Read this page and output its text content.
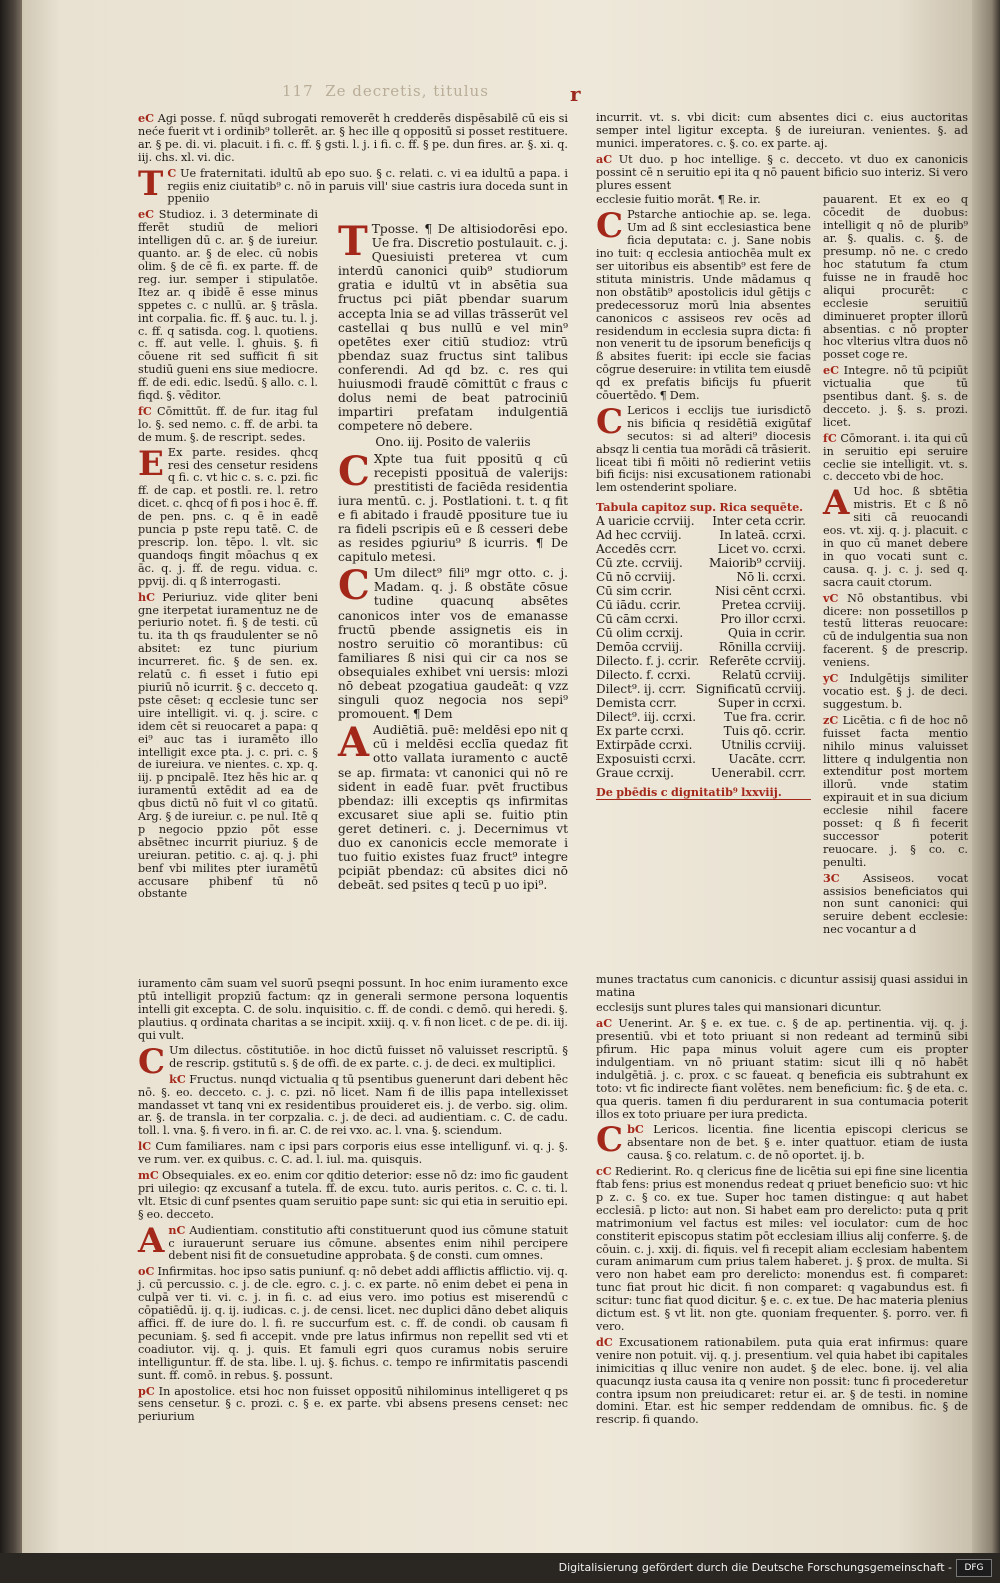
117 Ze decretis, titulus	r

eC Agi posse. f. nūqd subrogati removerēt h credderēs dispēsabilē cū eis si neće fuerit vt i ordinib⁹ tollerēt. ar. § hec ille q oppositū si posset restituere. ar. § pe. di. vi. placuit. i fi. c. ff. § gsti. l. j. i fi. c. ff. § pe. dun fires. ar. §. xi. q. iij. chs. xl. vi. dic.

T C Ue fraternitati. idultū ab epo suo. § c. relati. c. vi ea idultū a papa. i regiis eniz ciuitatib⁹ c. nō in paruis vill' siue castris iura doceda sunt in ppeniio

eC Studioz. i. 3 determinate di fferēt studiū de meliori intelligen dū c. ar. § de iureiur. quanto. ar. § de elec. cū nobis olim. § de cē fi. ex parte. ff. de reg. iur. semper i stipulatōe. Itez ar. q ibidē ē esse minus sppetes c. c nullū. ar. § trāsla. int corpalia. fic. ff. § auc. tu. l. j. c. ff. q satisda. cog. l. quotiens. c. ff. aut velle. l. ghuis. §. fi cōuene rit sed sufficit fi sit studiū gueni ens siue mediocre. ff. de edi. edic. lsedū. § allo. c. l. fiqd. §. vēditor.

fC Cōmittūt. ff. de fur. itag ful lo. §. sed nemo. c. ff. de arbi. ta de mum. §. de rescript. sedes.

E Ex parte. resides. qhcq resi des censetur residens q fi. c. vt hic c. s. c. pzi. fic ff. de cap. et postli. re. l. retro dicet. c. qhcq of fi pos i hoc ē. ff. de pen. pns. c. q ē in eadē puncia p pste repu tatē. C. de prescrip. lon. tēpo. l. vlt. sic quandoqs fingit mōachus q ex āc. q. j. ff. de regu. vidua. c. ppvij. di. q ß interrogasti.

hC Periuriuz. vide qliter beni gne iterpetat iuramentuz ne de periurio notet. fi. § de testi. cū tu. ita th qs fraudulenter se nō absitet: ez tunc piurium incurreret. fic. § de sen. ex. relatū c. fi esset i futio epi piuriū nō icurrit. § c. decceto q. pste cēset: q ecclesie tunc ser uire intelligit. vi. q. j. scire. c idem cēt si reuocaret a papa: q ei⁹ auc tas i iuramēto illo intelligit exce pta. j. c. pri. c. § de iureiura. ve nientes. c. xp. q. iij. p pncipalē. Itez hēs hic ar. q iuramentū extēdit ad ea de qbus dictū nō fuit vl co gitatū. Arg. § de iureiur. c. pe nul. Itē q p negocio ppzio pōt esse absētnec incurrit piuriuz. § de ureiuran. petitio. c. aj. q. j. phi benf vbi milites pter iuramētū accusare phibenf tū nō obstante

iuramento cām suam vel suorū pseqni possunt. In hoc enim iuramento exce ptū intelligit propziū factum: qz in generali sermone persona loquentis intelli git excepta. C. de solu. inquisitio. c. ff. de condi. c demō. qui heredi. §. plautius. q ordinata charitas a se incipit. xxiij. q. v. fi non licet. c de pe. di. iij. qui vult.

C Um dilectus. cōstitutiōe. in hoc dictū fuisset nō valuisset rescriptū. § de rescrip. gstitutū s. § de offi. de ex parte. c. j. de deci. ex multiplici.

kC Fructus. nunqd victualia q tū psentibus guenerunt dari debent hēc nō. §. eo. decceto. c. j. c. pzi. nō licet. Nam fi de illis papa intellexisset mandasset vt tanq vni ex residentibus prouideret eis. j. de verbo. sig. olim. ar. §. de transla. in ter corpzalia. c. j. de deci. ad audientiam. c. C. de cadu. toll. l. vna. §. fi vero. in fi. ar. C. de rei vxo. ac. l. vna. §. sciendum.

lC Cum familiares. nam c ipsi pars corporis eius esse intelligunf. vi. q. j. §. ve rum. ver. ex quibus. c. C. ad. l. iul. ma. quisquis.

mC Obsequiales. ex eo. enim cor qditio deterior: esse nō dz: imo fic gaudent pri uilegio: qz excusanf a tutela. ff. de excu. tuto. auris peritos. c. C. c. ti. l. vlt. Etsic di cunf psentes quam seruitio pape sunt: sic qui etia in seruitio epi. § eo. decceto.

AnC Audientiam. constitutio afti constituerunt quod ius cōmune statuit c iurauerunt seruare ius cōmune. absentes enim nihil percipere debent nisi fit de consuetudine approbata. § de consti. cum omnes.

oC Infirmitas. hoc ipso satis puniunf. q: nō debet addi afflictis afflictio. vij. q. j. cū percussio. c. j. de cle. egro. c. j. c. ex parte. nō enim debet ei pena in culpā ver ti. vi. c. j. in fi. c. ad eius vero. imo potius est miserendū c cōpatiēdū. ij. q. ij. iudicas. c. j. de censi. licet. nec duplici dāno debet aliquis affici. ff. de iure do. l. fi. re succurfum est. c. ff. de condi. ob causam fi pecuniam. §. sed fi accepit. vnde pre latus infirmus non repellit sed vti et coadiutor. vij. q. j. quis. Et famuli egri quos curamus nobis seruire intelliguntur. ff. de sta. libe. l. uj. §. fichus. c. tempo re infirmitatis pascendi sunt. ff. comō. in rebus. §. possunt.

pC In apostolice. etsi hoc non fuisset oppositū nihilominus intelligeret q ps sens censetur. § c. prozi. c. § e. ex parte. vbi absens presens censet: nec periurium

T Tposse. ¶ De altisiodorēsi epo. Ue fra. Discretio postulauit. c. j. Quesiuisti preterea vt cum interdū canonici quib⁹ studiorum gratia e idultū vt in absētia sua fructus pci piāt pbendar suarum accepta lnia se ad villas trāsserūt vel castellai q bus nullū e vel min⁹ opetētes exer citiū studioz: vtrū pbendaz suaz fructus sint talibus conferendi. Ad qd bz. c. res qui huiusmodi fraudē cōmittūt c fraus c dolus nemi de beat patrociniū impartiri prefatam indulgentiā competere nō debere.

Ono. iij. Posito de valeriis

C Xpte tua fuit ppositū q cū recepisti pposituā de valerijs: prestitisti de faciēda residentia iura mentū. c. j. Postlationi. t. t. q fit e fi abitado i fraudē ppositure tue iu ra fideli pscripis eū e ß cesseri debe as resides pgiuriu⁹ ß icurris. ¶ De capitulo metesi.

C Um dilect⁹ fili⁹ mgr otto. c. j. Madam. q. j. ß obstāte cōsue tudine quacunq absētes canonicos inter vos de emanasse fructū pbende assignetis eis in nostro seruitio cō morantibus: cū familiares ß nisi qui cir ca nos se obsequiales exhibet vni uersis: mlozi nō debeat pzogatiua gaudeāt: q vzz singuli quoz negocia nos sepi⁹ promouent. ¶ Dem

A Audiētiā. puē: meldēsi epo nit q cū i meldēsi ecclīa quedaz fit otto vallata iuramento c auctē se ap. firmata: vt canonici qui nō re sident in eadē fuar. pvēt fructibus pbendaz: illi exceptis qs infirmitas excusaret siue apli se. fuitio ptin geret detineri. c. j. Decernimus vt duo ex canonicis eccle memorate i tuo fuitio existes fuaz fruct⁹ integre pcipiāt pbendaz: cū absites dici nō debeāt. sed psites q tecū p uo ipi⁹.

incurrit. vt. s. vbi dicit: cum absentes dici c. eius auctoritas semper intel ligitur excepta. § de iureiuran. venientes. §. ad munici. imperatores. c. §. co. ex parte. aj.

aC Ut duo. p hoc intellige. § c. decceto. vt duo ex canonicis possint cē n seruitio epi ita q nō pauent bificio suo interiz. Si vero plures essent

pauarent. Et ex eo q cōcedit de duobus: intelligit q nō de plurib⁹ ar. §. qualis. c. §. de presump. nō ne. c credo hoc statutum fa ctum fuisse ne in fraudē hoc aliqui procurēt: c ecclesie seruitiū diminueret propter illorū absentias. c nō propter hoc vlterius vltra duos nō posset coge re.

eC Integre. nō tū pcipiūt victualia que tū psentibus dant. §. s. de decceto. j. §. s. prozi. licet.

fC Cōmorant. i. ita qui cū in seruitio epi seruire ceclie sie intelligit. vt. s. c. decceto vbi de hoc.

A Ud hoc. ß sbtētia mistris. Et c ß nō siti cā reuocandi eos. vt. xij. q. j. placuit. c in quo cū manet debere in quo vocati sunt c. causa. q. j. c. j. sed q. sacra cauit ctorum.

vC Nō obstantibus. vbi dicere: non possetillos p testū litteras reuocare: cū de indulgentia sua non facerent. § de prescrip. veniens.

yC Indulgētijs similiter vocatio est. § j. de deci. suggestum. b.

zC Licētia. c fi de hoc nō fuisset facta mentio nihilo minus valuisset littere q indulgentia non extenditur post mortem illorū. vnde statim expirauit et in sua dicium ecclesie nihil facere posset: q ß fi fecerit successor poterit reuocare. j. § co. c. penulti.

3C Assiseos. vocat assisios beneficiatos qui non sunt canonici: qui seruire debent ecclesie: nec vocantur a d

ecclesie fuitio morāt. ¶ Re. ir.

C Pstarche antiochie ap. se. lega. Um ad ß sint ecclesiastica bene ficia deputata: c. j. Sane nobis ino tuit: q ecclesia antiochēa mult ex ser uitoribus eis absentib⁹ est fere de stituta ministris. Unde mādamus q non obstātib⁹ apostolicis idul gētijs c predecessoruz morū lnia absentes canonicos c assiseos rev ocēs ad residendum in ecclesia supra dicta: fi non venerit tu de ipsorum beneficijs q ß absites fuerit: ipi eccle sie facias cōgrue deseruire: in vtilita tem eiusdē qd ex prefatis bificijs fu pfuerit cōuertēdo. ¶ Dem.

C Lericos i ecclijs tue iurisdictō nis bificia q residētiā exigūtaf secutos: si ad alteri⁹ diocesis absqz li centia tua morādi cā trāsierit. liceat tibi fi mōiti nō redierint vetiis bifi ficijs: nisi excusationem rationabi lem ostenderint spoliare.

Tabula capitoz sup. Rica sequēte.
A uaricie ccrviij. Inter ceta ccrir.
Ad hec ccrviij.	In lateā. ccrxi.
Accedēs ccrr.	Licet vo. ccrxi.
Cū zte. ccrviij. Maiorib⁹ ccrviij.
Cū nō ccrviij.	Nō li. ccrxi.
Cū sim ccrir.	Nisi cēnt ccrxi.
Cū iādu. ccrir.	Pretea ccrviij.
Cū cām ccrxi.	Pro illor ccrxi.
Cū olim ccrxij.	Quia in ccrir.
Demōa ccrviij.	Rōnilla ccrviij.
Dilecto. f. j. ccrir. Referēte ccrviij.
Dilecto. f. ccrxi.	Relatū ccrviij.
Dilect⁹. ij. ccrr. Significatū ccrviij.
Demista ccrr.	Super in ccrxi.
Dilect⁹. iij. ccrxi. Tue fra. ccrir.
Ex parte ccrxi.	Tuis qō. ccrir.
Extirpāde ccrxi. Utnilis ccrviij.
Exposuisti ccrxi.	Uacāte. ccrr.
Graue ccrxij.	Uenerabil. ccrr.
De pbēdis c dignitatib⁹ lxxviij.

munes tractatus cum canonicis. c dicuntur assisij quasi assidui in matina

ecclesijs sunt plures tales qui mansionari dicuntur.

aC Uenerint. Ar. § e. ex tue. c. § de ap. pertinentia. vij. q. j. presentiū. vbi et toto priuant si non redeant ad terminū sibi pfirum. Hic papa minus voluit agere cum eis propter indulgentiam. vn nō priuant statim: sicut illi q nō habēt indulgētiā. j. c. prox. c sc faueat. q beneficia eis subtrahunt ex toto: vt fic indirecte fiant volētes. nem beneficium: fic. § de eta. c. qua queris. tamen fi diu perdurarent in sua contumacia poterit illos ex toto priuare per iura predicta.

CbC Lericos. licentia. fine licentia episcopi clericus se absentare non de bet. § e. inter quattuor. etiam de iusta causa. § co. relatum. c. de nō oportet. ij. b.

cC Redierint. Ro. q clericus fine de licētia sui epi fine sine licentia ftab fens: prius est monendus redeat q priuet beneficio suo: vt hic p z. c. § co. ex tue. Super hoc tamen distingue: q aut habet ecclesiā. p licto: aut non. Si habet eam pro derelicto: puta q prit matrimonium vel factus est miles: vel ioculator: cum de hoc constiterit episcopus statim pōt ecclesiam illius alij conferre. §. de cōuin. c. j. xxij. di. fiquis. vel fi recepit aliam ecclesiam habentem curam animarum cum prius talem haberet. j. § prox. de multa. Si vero non habet eam pro derelicto: monendus est. fi comparet: tunc fiat prout hic dicit. fi non comparet: q vagabundus est. fi scitur: tunc fiat quod dicitur. § e. c. ex tue. De hac materia plenius dictum est. § vt lit. non gte. quoniam frequenter. §. porro. ver. fi vero.

dC Excusationem rationabilem. puta quia erat infirmus: quare venire non potuit. vij. q. j. presentium. vel quia habet ibi capitales inimicitias q illuc venire non audet. § de elec. bone. ij. vel alia quacunqz iusta causa ita q venire non possit: tunc fi procederetur contra ipsum non preiudicaret: retur ei. ar. § de testi. in nomine domini. Etar. est hic semper reddendam de omnibus. fic. § de rescrip. fi quando.

Digitalisierung gefördert durch die Deutsche Forschungsgemeinschaft -	DFG
